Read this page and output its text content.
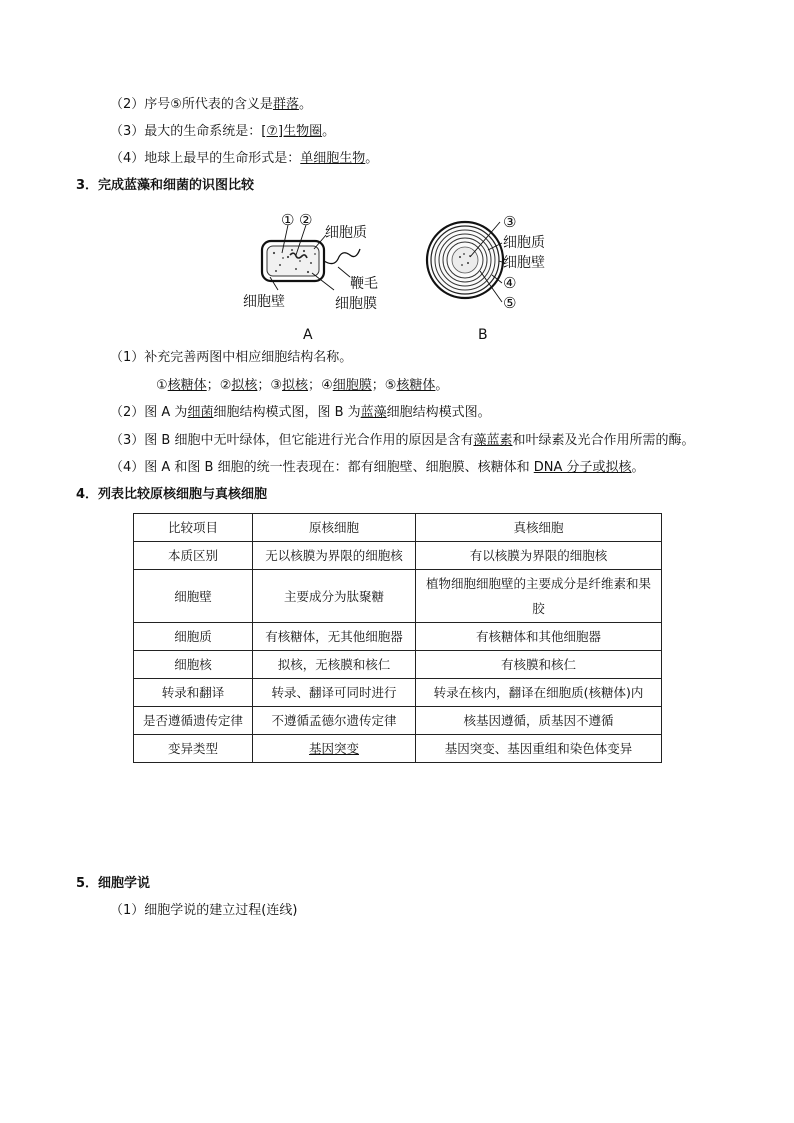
（2）序号⑤所代表的含义是群落。
（3）最大的生命系统是：[⑦]生物圈。
（4）地球上最早的生命形式是：单细胞生物。
3．完成蓝藻和细菌的识图比较
① ②
细胞质
鞭毛
细胞壁	细胞膜
A
③
细胞质
细胞壁
④
⑤
B
（1）补充完善两图中相应细胞结构名称。
①核糖体；②拟核；③拟核；④细胞膜；⑤核糖体。
（2）图 A 为细菌细胞结构模式图，图 B 为蓝藻细胞结构模式图。
（3）图 B 细胞中无叶绿体，但它能进行光合作用的原因是含有藻蓝素和叶绿素及光合作用所需的酶。
（4）图 A 和图 B 细胞的统一性表现在：都有细胞壁、细胞膜、核糖体和 DNA 分子或拟核。
4．列表比较原核细胞与真核细胞
比较项目	原核细胞	真核细胞
本质区别	无以核膜为界限的细胞核	有以核膜为界限的细胞核
细胞壁	主要成分为肽聚糖	植物细胞细胞壁的主要成分是纤维素和果胶
细胞质	有核糖体，无其他细胞器	有核糖体和其他细胞器
细胞核	拟核，无核膜和核仁	有核膜和核仁
转录和翻译	转录、翻译可同时进行	转录在核内，翻译在细胞质(核糖体)内
是否遵循遗传定律	不遵循孟德尔遗传定律	核基因遵循，质基因不遵循
变异类型	基因突变	基因突变、基因重组和染色体变异
5．细胞学说
（1）细胞学说的建立过程(连线)
